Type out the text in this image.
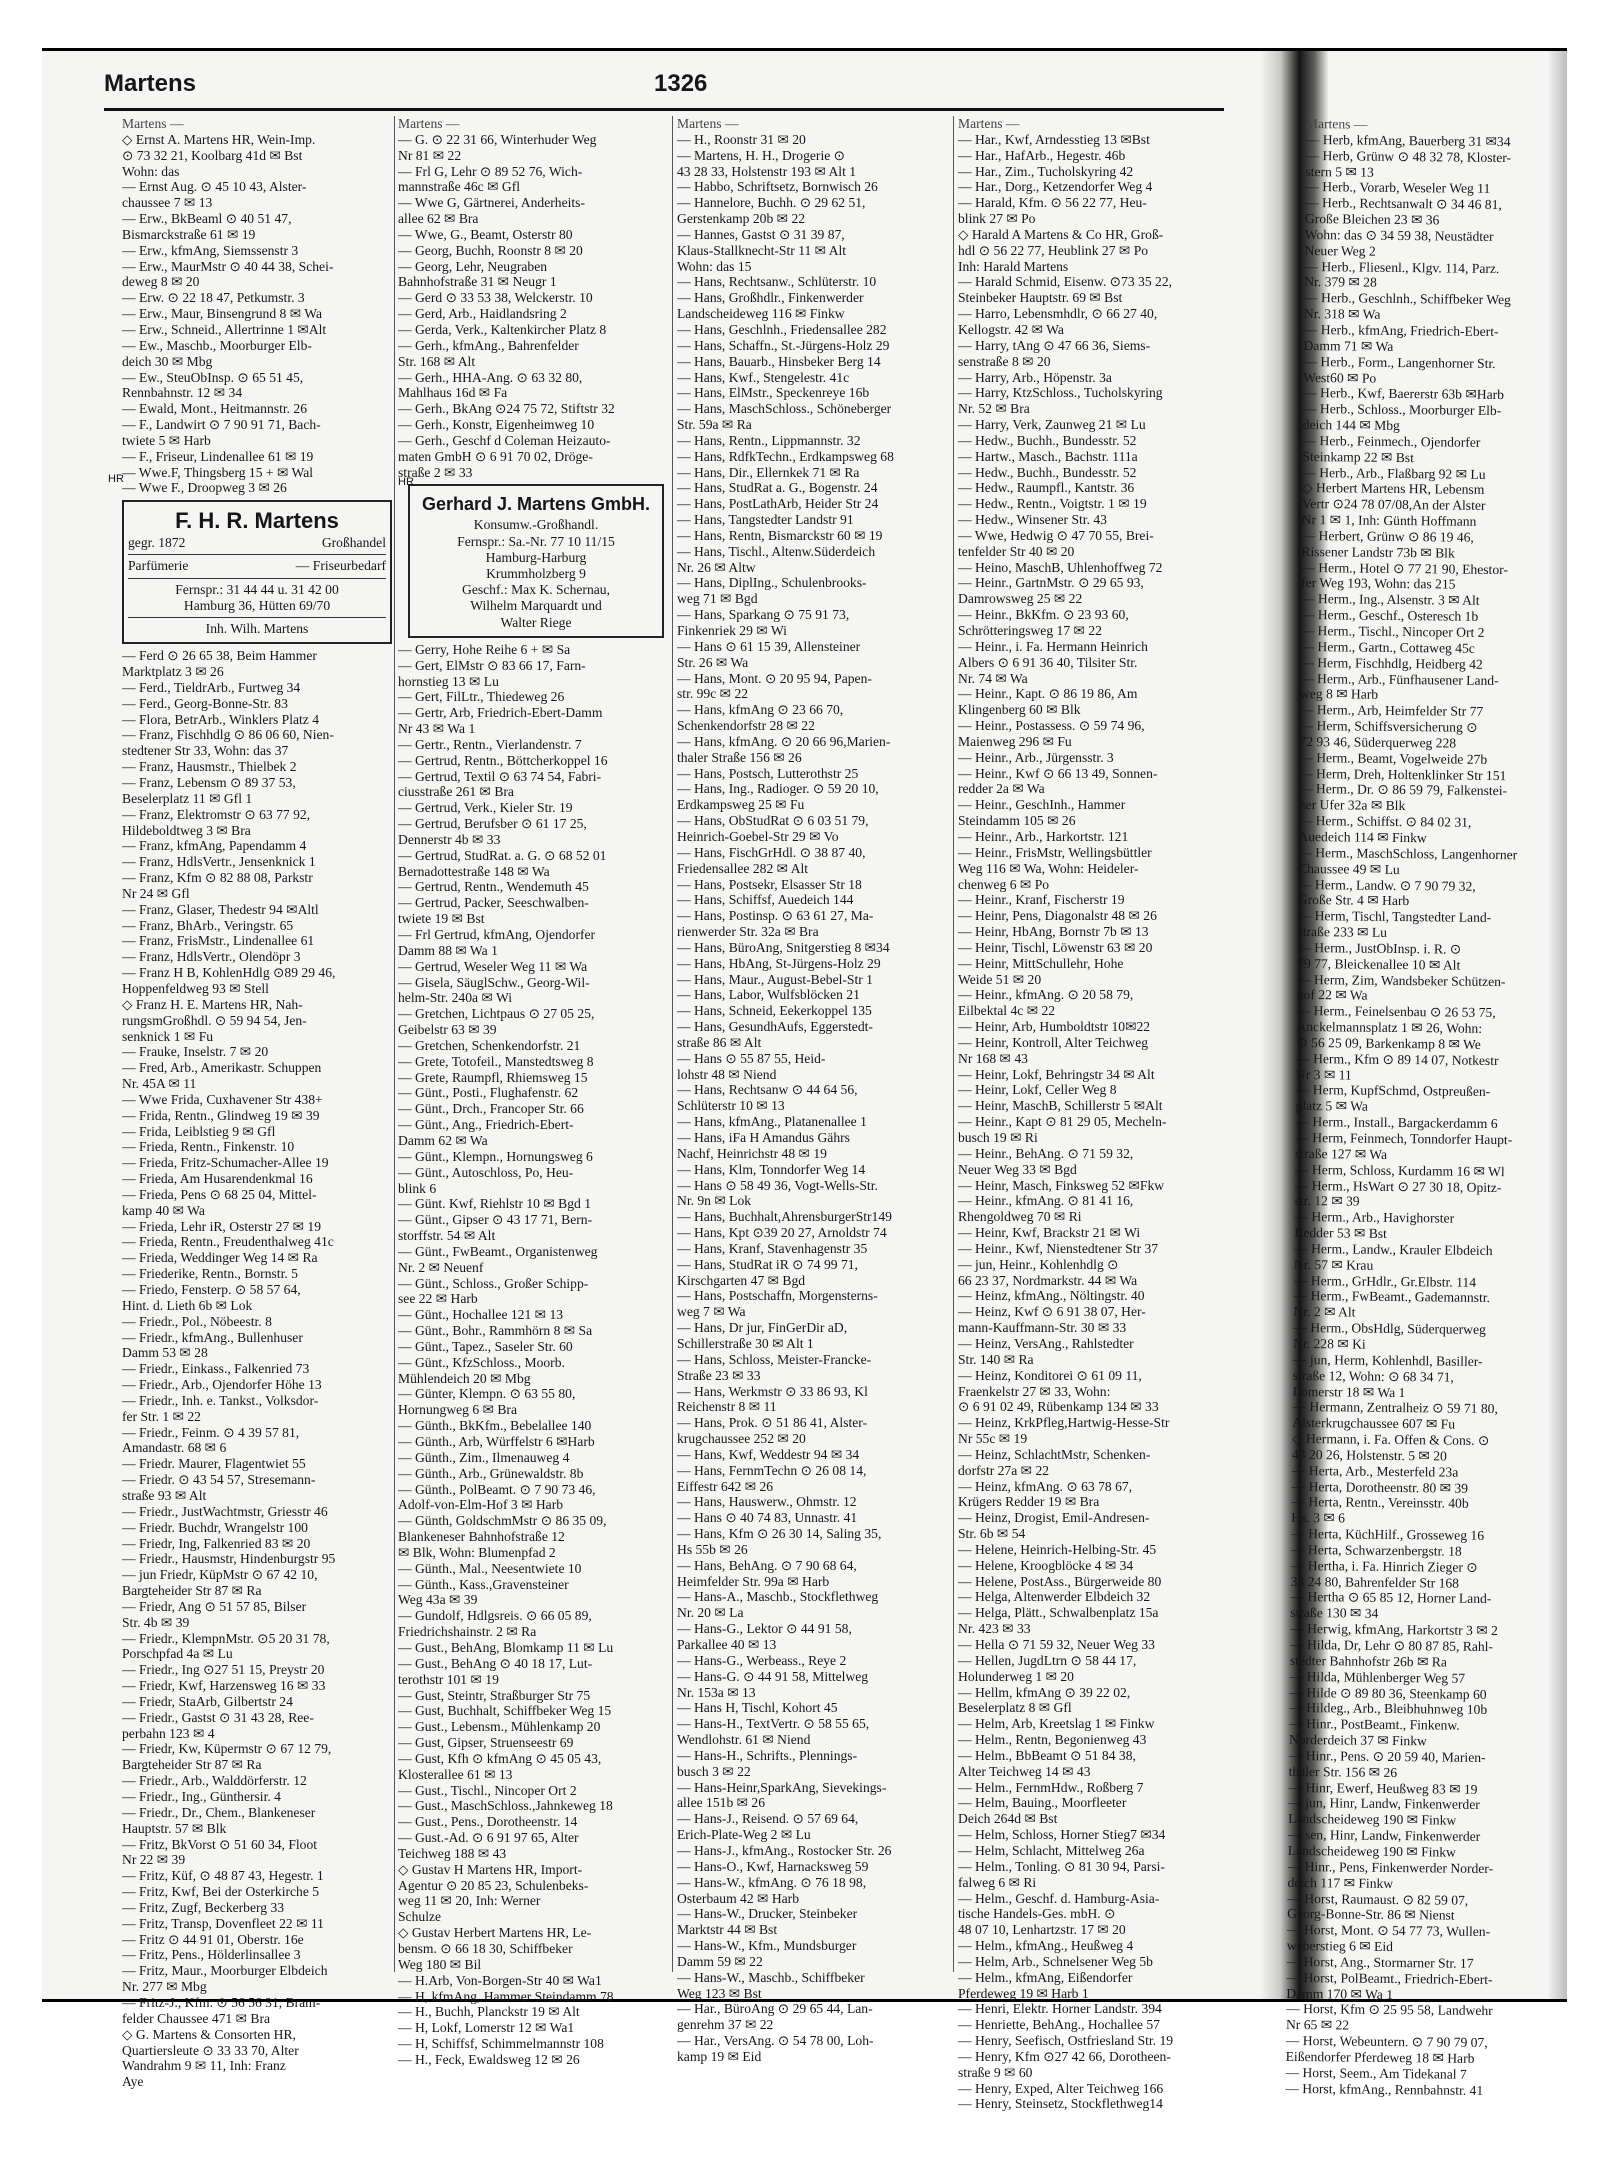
Martens	1326
Martens —
◇ Ernst A. Martens HR, Wein-Imp.
⊙ 73 32 21, Koolbarg 41d ✉ Bst
Wohn: das
— Ernst Aug. ⊙ 45 10 43, Alster-
chaussee 7 ✉ 13
— Erw., BkBeaml ⊙ 40 51 47,
Bismarckstraße 61 ✉ 19
— Erw., kfmAng, Siemssenstr 3
— Erw., MaurMstr ⊙ 40 44 38, Schei-
deweg 8 ✉ 20
— Erw. ⊙ 22 18 47, Petkumstr. 3
— Erw., Maur, Binsengrund 8 ✉ Wa
— Erw., Schneid., Allertrinne 1 ✉Alt
— Ew., Maschb., Moorburger Elb-
deich 30 ✉ Mbg
— Ew., SteuObInsp. ⊙ 65 51 45,
Rennbahnstr. 12 ✉ 34
— Ewald, Mont., Heitmannstr. 26
— F., Landwirt ⊙ 7 90 91 71, Bach-
twiete 5 ✉ Harb
— F., Friseur, Lindenallee 61 ✉ 19
— Wwe.F, Thingsberg 15 + ✉ Wal
— Wwe F., Droopweg 3 ✉ 26
F. H. R. Martens
gegr. 1872	Großhandel
Parfümerie	— Friseurbedarf
Fernspr.: 31 44 44 u. 31 42 00
Hamburg 36, Hütten 69/70
Inh. Wilh. Martens
— Ferd ⊙ 26 65 38, Beim Hammer
Marktplatz 3 ✉ 26
— Ferd., TieldrArb., Furtweg 34
— Ferd., Georg-Bonne-Str. 83
— Flora, BetrArb., Winklers Platz 4
— Franz, Fischhdlg ⊙ 86 06 60, Nien-
stedtener Str 33, Wohn: das 37
— Franz, Hausmstr., Thielbek 2
— Franz, Lebensm ⊙ 89 37 53,
Beselerplatz 11 ✉ Gfl 1
— Franz, Elektromstr ⊙ 63 77 92,
Hildeboldtweg 3 ✉ Bra
— Franz, kfmAng, Papendamm 4
— Franz, HdlsVertr., Jensenknick 1
— Franz, Kfm ⊙ 82 88 08, Parkstr
Nr 24 ✉ Gfl
— Franz, Glaser, Thedestr 94 ✉Altl
— Franz, BhArb., Veringstr. 65
— Franz, FrisMstr., Lindenallee 61
— Franz, HdlsVertr., Olendöpr 3
— Franz H B, KohlenHdlg ⊙89 29 46,
Hoppenfeldweg 93 ✉ Stell
◇ Franz H. E. Martens HR, Nah-
rungsmGroßhdl. ⊙ 59 94 54, Jen-
senknick 1 ✉ Fu
— Frauke, Inselstr. 7 ✉ 20
— Fred, Arb., Amerikastr. Schuppen
Nr. 45A ✉ 11
— Wwe Frida, Cuxhavener Str 438+
— Frida, Rentn., Glindweg 19 ✉ 39
— Frida, Leiblstieg 9 ✉ Gfl
— Frieda, Rentn., Finkenstr. 10
— Frieda, Fritz-Schumacher-Allee 19
— Frieda, Am Husarendenkmal 16
— Frieda, Pens ⊙ 68 25 04, Mittel-
kamp 40 ✉ Wa
— Frieda, Lehr iR, Osterstr 27 ✉ 19
— Frieda, Rentn., Freudenthalweg 41c
— Frieda, Weddinger Weg 14 ✉ Ra
— Friederike, Rentn., Bornstr. 5
— Friedo, Fensterp. ⊙ 58 57 64,
Hint. d. Lieth 6b ✉ Lok
— Friedr., Pol., Nöbeestr. 8
— Friedr., kfmAng., Bullenhuser
Damm 53 ✉ 28
— Friedr., Einkass., Falkenried 73
— Friedr., Arb., Ojendorfer Höhe 13
— Friedr., Inh. e. Tankst., Volksdor-
fer Str. 1 ✉ 22
— Friedr., Feinm. ⊙ 4 39 57 81,
Amandastr. 68 ✉ 6
— Friedr. Maurer, Flagentwiet 55
— Friedr. ⊙ 43 54 57, Stresemann-
straße 93 ✉ Alt
— Friedr., JustWachtmstr, Griesstr 46
— Friedr. Buchdr, Wrangelstr 100
— Friedr, Ing, Falkenried 83 ✉ 20
— Friedr., Hausmstr, Hindenburgstr 95
— jun Friedr, KüpMstr ⊙ 67 42 10,
Bargteheider Str 87 ✉ Ra
— Friedr, Ang ⊙ 51 57 85, Bilser
Str. 4b ✉ 39
— Friedr., KlempnMstr. ⊙5 20 31 78,
Porschpfad 4a ✉ Lu
— Friedr., Ing ⊙27 51 15, Preystr 20
— Friedr, Kwf, Harzensweg 16 ✉ 33
— Friedr, StaArb, Gilbertstr 24
— Friedr., Gastst ⊙ 31 43 28, Ree-
perbahn 123 ✉ 4
— Friedr, Kw, Küpermstr ⊙ 67 12 79,
Bargteheider Str 87 ✉ Ra
— Friedr., Arb., Walddörferstr. 12
— Friedr., Ing., Günthersir. 4
— Friedr., Dr., Chem., Blankeneser
Hauptstr. 57 ✉ Blk
— Fritz, BkVorst ⊙ 51 60 34, Floot
Nr 22 ✉ 39
— Fritz, Küf, ⊙ 48 87 43, Hegestr. 1
— Fritz, Kwf, Bei der Osterkirche 5
— Fritz, Zugf, Beckerberg 33
— Fritz, Transp, Dovenfleet 22 ✉ 11
— Fritz ⊙ 44 91 01, Oberstr. 16e
— Fritz, Pens., Hölderlinsallee 3
— Fritz, Maur., Moorburger Elbdeich
Nr. 277 ✉ Mbg
— Fritz-J., Kfm. ⊙ 56 56 31, Bram-
felder Chaussee 471 ✉ Bra
◇ G. Martens & Consorten HR,
Quartiersleute ⊙ 33 33 70, Alter
Wandrahm 9 ✉ 11, Inh: Franz
Aye
HR
Martens —
— G. ⊙ 22 31 66, Winterhuder Weg
Nr 81 ✉ 22
— Frl G, Lehr ⊙ 89 52 76, Wich-
mannstraße 46c ✉ Gfl
— Wwe G, Gärtnerei, Anderheits-
allee 62 ✉ Bra
— Wwe, G., Beamt, Osterstr 80
— Georg, Buchh, Roonstr 8 ✉ 20
— Georg, Lehr, Neugraben
Bahnhofstraße 31 ✉ Neugr 1
— Gerd ⊙ 33 53 38, Welckerstr. 10
— Gerd, Arb., Haidlandsring 2
— Gerda, Verk., Kaltenkircher Platz 8
— Gerh., kfmAng., Bahrenfelder
Str. 168 ✉ Alt
— Gerh., HHA-Ang. ⊙ 63 32 80,
Mahlhaus 16d ✉ Fa
— Gerh., BkAng ⊙24 75 72, Stiftstr 32
— Gerh., Konstr, Eigenheimweg 10
— Gerh., Geschf d Coleman Heizauto-
maten GmbH ⊙ 6 91 70 02, Dröge-
straße 2 ✉ 33
Gerhard J. Martens GmbH.
Konsumw.-Großhandl.
Fernspr.: Sa.-Nr. 77 10 11/15
Hamburg-Harburg
Krummholzberg 9
Geschf.: Max K. Schernau,
Wilhelm Marquardt und
Walter Riege
— Gerry, Hohe Reihe 6 + ✉ Sa
— Gert, ElMstr ⊙ 83 66 17, Farn-
hornstieg 13 ✉ Lu
— Gert, FilLtr., Thiedeweg 26
— Gertr, Arb, Friedrich-Ebert-Damm
Nr 43 ✉ Wa 1
— Gertr., Rentn., Vierlandenstr. 7
— Gertrud, Rentn., Böttcherkoppel 16
— Gertrud, Textil ⊙ 63 74 54, Fabri-
ciusstraße 261 ✉ Bra
— Gertrud, Verk., Kieler Str. 19
— Gertrud, Berufsber ⊙ 61 17 25,
Dennerstr 4b ✉ 33
— Gertrud, StudRat. a. G. ⊙ 68 52 01
Bernadottestraße 148 ✉ Wa
— Gertrud, Rentn., Wendemuth 45
— Gertrud, Packer, Seeschwalben-
twiete 19 ✉ Bst
— Frl Gertrud, kfmAng, Ojendorfer
Damm 88 ✉ Wa 1
— Gertrud, Weseler Weg 11 ✉ Wa
— Gisela, SäuglSchw., Georg-Wil-
helm-Str. 240a ✉ Wi
— Gretchen, Lichtpaus ⊙ 27 05 25,
Geibelstr 63 ✉ 39
— Gretchen, Schenkendorfstr. 21
— Grete, Totofeil., Manstedtsweg 8
— Grete, Raumpfl, Rhiemsweg 15
— Günt., Posti., Flughafenstr. 62
— Günt., Drch., Francoper Str. 66
— Günt., Ang., Friedrich-Ebert-
Damm 62 ✉ Wa
— Günt., Klempn., Hornungsweg 6
— Günt., Autoschloss, Po, Heu-
blink 6
— Günt. Kwf, Riehlstr 10 ✉ Bgd 1
— Günt., Gipser ⊙ 43 17 71, Bern-
storffstr. 54 ✉ Alt
— Günt., FwBeamt., Organistenweg
Nr. 2 ✉ Neuenf
— Günt., Schloss., Großer Schipp-
see 22 ✉ Harb
— Günt., Hochallee 121 ✉ 13
— Günt., Bohr., Rammhörn 8 ✉ Sa
— Günt., Tapez., Saseler Str. 60
— Günt., KfzSchloss., Moorb.
Mühlendeich 20 ✉ Mbg
— Günter, Klempn. ⊙ 63 55 80,
Hornungweg 6 ✉ Bra
— Günth., BkKfm., Bebelallee 140
— Günth., Arb, Würffelstr 6 ✉Harb
— Günth., Zim., Ilmenauweg 4
— Günth., Arb., Grünewaldstr. 8b
— Günth., PolBeamt. ⊙ 7 90 73 46,
Adolf-von-Elm-Hof 3 ✉ Harb
— Günth, GoldschmMstr ⊙ 86 35 09,
Blankeneser Bahnhofstraße 12
✉ Blk, Wohn: Blumenpfad 2
— Günth., Mal., Neesentwiete 10
— Günth., Kass.,Gravensteiner
Weg 43a ✉ 39
— Gundolf, Hdlgsreis. ⊙ 66 05 89,
Friedrichshainstr. 2 ✉ Ra
— Gust., BehAng, Blomkamp 11 ✉ Lu
— Gust., BehAng ⊙ 40 18 17, Lut-
terothstr 101 ✉ 19
— Gust, Steintr, Straßburger Str 75
— Gust, Buchhalt, Schiffbeker Weg 15
— Gust., Lebensm., Mühlenkamp 20
— Gust, Gipser, Struenseestr 69
— Gust, Kfh ⊙ kfmAng ⊙ 45 05 43,
Klosterallee 61 ✉ 13
— Gust., Tischl., Nincoper Ort 2
— Gust., MaschSchloss.,Jahnkeweg 18
— Gust., Pens., Dorotheenstr. 14
— Gust.-Ad. ⊙ 6 91 97 65, Alter
Teichweg 188 ✉ 43
◇ Gustav H Martens HR, Import-
Agentur ⊙ 20 85 23, Schulenbeks-
weg 11 ✉ 20, Inh: Werner
Schulze
◇ Gustav Herbert Martens HR, Le-
bensm. ⊙ 66 18 30, Schiffbeker
Weg 180 ✉ Bil
— H.Arb, Von-Borgen-Str 40 ✉ Wa1
— H, kfmAng, Hammer Steindamm 78
— H., Buchh, Planckstr 19 ✉ Alt
— H, Lokf, Lomerstr 12 ✉ Wa1
— H, Schiffsf, Schimmelmannstr 108
— H., Feck, Ewaldsweg 12 ✉ 26
HR
Martens —
— H., Roonstr 31 ✉ 20
— Martens, H. H., Drogerie ⊙
43 28 33, Holstenstr 193 ✉ Alt 1
— Habbo, Schriftsetz, Bornwisch 26
— Hannelore, Buchh. ⊙ 29 62 51,
Gerstenkamp 20b ✉ 22
— Hannes, Gastst ⊙ 31 39 87,
Klaus-Stallknecht-Str 11 ✉ Alt
Wohn: das 15
— Hans, Rechtsanw., Schlüterstr. 10
— Hans, Großhdlr., Finkenwerder
Landscheideweg 116 ✉ Finkw
— Hans, Geschlnh., Friedensallee 282
— Hans, Schaffn., St.-Jürgens-Holz 29
— Hans, Bauarb., Hinsbeker Berg 14
— Hans, Kwf., Stengelestr. 41c
— Hans, ElMstr., Speckenreye 16b
— Hans, MaschSchloss., Schöneberger
Str. 59a ✉ Ra
— Hans, Rentn., Lippmannstr. 32
— Hans, RdfkTechn., Erdkampsweg 68
— Hans, Dir., Ellernkek 71 ✉ Ra
— Hans, StudRat a. G., Bogenstr. 24
— Hans, PostLathArb, Heider Str 24
— Hans, Tangstedter Landstr 91
— Hans, Rentn, Bismarckstr 60 ✉ 19
— Hans, Tischl., Altenw.Süderdeich
Nr. 26 ✉ Altw
— Hans, DiplIng., Schulenbrooks-
weg 71 ✉ Bgd
— Hans, Sparkang ⊙ 75 91 73,
Finkenriek 29 ✉ Wi
— Hans ⊙ 61 15 39, Allensteiner
Str. 26 ✉ Wa
— Hans, Mont. ⊙ 20 95 94, Papen-
str. 99c ✉ 22
— Hans, kfmAng ⊙ 23 66 70,
Schenkendorfstr 28 ✉ 22
— Hans, kfmAng. ⊙ 20 66 96,Marien-
thaler Straße 156 ✉ 26
— Hans, Postsch, Lutterothstr 25
— Hans, Ing., Radioger. ⊙ 59 20 10,
Erdkampsweg 25 ✉ Fu
— Hans, ObStudRat ⊙ 6 03 51 79,
Heinrich-Goebel-Str 29 ✉ Vo
— Hans, FischGrHdl. ⊙ 38 87 40,
Friedensallee 282 ✉ Alt
— Hans, Postsekr, Elsasser Str 18
— Hans, Schiffsf, Auedeich 144
— Hans, Postinsp. ⊙ 63 61 27, Ma-
rienwerder Str. 32a ✉ Bra
— Hans, BüroAng, Snitgerstieg 8 ✉34
— Hans, HbAng, St-Jürgens-Holz 29
— Hans, Maur., August-Bebel-Str 1
— Hans, Labor, Wulfsblöcken 21
— Hans, Schneid, Eekerkoppel 135
— Hans, GesundhAufs, Eggerstedt-
straße 86 ✉ Alt
— Hans ⊙ 55 87 55, Heid-
lohstr 48 ✉ Niend
— Hans, Rechtsanw ⊙ 44 64 56,
Schlüterstr 10 ✉ 13
— Hans, kfmAng., Platanenallee 1
— Hans, iFa H Amandus Gährs
Nachf, Heinrichstr 48 ✉ 19
— Hans, Klm, Tonndorfer Weg 14
— Hans ⊙ 58 49 36, Vogt-Wells-Str.
Nr. 9n ✉ Lok
— Hans, Buchhalt,AhrensburgerStr149
— Hans, Kpt ⊙39 20 27, Arnoldstr 74
— Hans, Kranf, Stavenhagenstr 35
— Hans, StudRat iR ⊙ 74 99 71,
Kirschgarten 47 ✉ Bgd
— Hans, Postschaffn, Morgensterns-
weg 7 ✉ Wa
— Hans, Dr jur, FinGerDir aD,
Schillerstraße 30 ✉ Alt 1
— Hans, Schloss, Meister-Francke-
Straße 23 ✉ 33
— Hans, Werkmstr ⊙ 33 86 93, Kl
Reichenstr 8 ✉ 11
— Hans, Prok. ⊙ 51 86 41, Alster-
krugchaussee 252 ✉ 20
— Hans, Kwf, Weddestr 94 ✉ 34
— Hans, FernmTechn ⊙ 26 08 14,
Eiffestr 642 ✉ 26
— Hans, Hauswerw., Ohmstr. 12
— Hans ⊙ 40 74 83, Unnastr. 41
— Hans, Kfm ⊙ 26 30 14, Saling 35,
Hs 55b ✉ 26
— Hans, BehAng. ⊙ 7 90 68 64,
Heimfelder Str. 99a ✉ Harb
— Hans-A., Maschb., Stockflethweg
Nr. 20 ✉ La
— Hans-G., Lektor ⊙ 44 91 58,
Parkallee 40 ✉ 13
— Hans-G., Werbeass., Reye 2
— Hans-G. ⊙ 44 91 58, Mittelweg
Nr. 153a ✉ 13
— Hans H, Tischl, Kohort 45
— Hans-H., TextVertr. ⊙ 58 55 65,
Wendlohstr. 61 ✉ Niend
— Hans-H., Schrifts., Plennings-
busch 3 ✉ 22
— Hans-Heinr,SparkAng, Sievekings-
allee 151b ✉ 26
— Hans-J., Reisend. ⊙ 57 69 64,
Erich-Plate-Weg 2 ✉ Lu
— Hans-J., kfmAng., Rostocker Str. 26
— Hans-O., Kwf, Harnacksweg 59
— Hans-W., kfmAng. ⊙ 76 18 98,
Osterbaum 42 ✉ Harb
— Hans-W., Drucker, Steinbeker
Marktstr 44 ✉ Bst
— Hans-W., Kfm., Mundsburger
Damm 59 ✉ 22
— Hans-W., Maschb., Schiffbeker
Weg 123 ✉ Bst
— Har., BüroAng ⊙ 29 65 44, Lan-
genrehm 37 ✉ 22
— Har., VersAng. ⊙ 54 78 00, Loh-
kamp 19 ✉ Eid
Martens —
— Har., Kwf, Arndesstieg 13 ✉Bst
— Har., HafArb., Hegestr. 46b
— Har., Zim., Tucholskyring 42
— Har., Dorg., Ketzendorfer Weg 4
— Harald, Kfm. ⊙ 56 22 77, Heu-
blink 27 ✉ Po
◇ Harald A Martens & Co HR, Groß-
hdl ⊙ 56 22 77, Heublink 27 ✉ Po
Inh: Harald Martens
— Harald Schmid, Eisenw. ⊙73 35 22,
Steinbeker Hauptstr. 69 ✉ Bst
— Harro, Lebensmhdlr, ⊙ 66 27 40,
Kellogstr. 42 ✉ Wa
— Harry, tAng ⊙ 47 66 36, Siems-
senstraße 8 ✉ 20
— Harry, Arb., Höpenstr. 3a
— Harry, KtzSchloss., Tucholskyring
Nr. 52 ✉ Bra
— Harry, Verk, Zaunweg 21 ✉ Lu
— Hedw., Buchh., Bundesstr. 52
— Hartw., Masch., Bachstr. 111a
— Hedw., Buchh., Bundesstr. 52
— Hedw., Raumpfl., Kantstr. 36
— Hedw., Rentn., Voigtstr. 1 ✉ 19
— Hedw., Winsener Str. 43
— Wwe, Hedwig ⊙ 47 70 55, Brei-
tenfelder Str 40 ✉ 20
— Heino, MaschB, Uhlenhoffweg 72
— Heinr., GartnMstr. ⊙ 29 65 93,
Damrowsweg 25 ✉ 22
— Heinr., BkKfm. ⊙ 23 93 60,
Schrötteringsweg 17 ✉ 22
— Heinr., i. Fa. Hermann Heinrich
Albers ⊙ 6 91 36 40, Tilsiter Str.
Nr. 74 ✉ Wa
— Heinr., Kapt. ⊙ 86 19 86, Am
Klingenberg 60 ✉ Blk
— Heinr., Postassess. ⊙ 59 74 96,
Maienweg 296 ✉ Fu
— Heinr., Arb., Jürgensstr. 3
— Heinr., Kwf ⊙ 66 13 49, Sonnen-
redder 2a ✉ Wa
— Heinr., GeschInh., Hammer
Steindamm 105 ✉ 26
— Heinr., Arb., Harkortstr. 121
— Heinr., FrisMstr, Wellingsbüttler
Weg 116 ✉ Wa, Wohn: Heideler-
chenweg 6 ✉ Po
— Heinr., Kranf, Fischerstr 19
— Heinr, Pens, Diagonalstr 48 ✉ 26
— Heinr, HbAng, Bornstr 7b ✉ 13
— Heinr, Tischl, Löwenstr 63 ✉ 20
— Heinr, MittSchullehr, Hohe
Weide 51 ✉ 20
— Heinr., kfmAng. ⊙ 20 58 79,
Eilbektal 4c ✉ 22
— Heinr, Arb, Humboldtstr 10✉22
— Heinr, Kontroll, Alter Teichweg
Nr 168 ✉ 43
— Heinr, Lokf, Behringstr 34 ✉ Alt
— Heinr, Lokf, Celler Weg 8
— Heinr, MaschB, Schillerstr 5 ✉Alt
— Heinr., Kapt ⊙ 81 29 05, Mecheln-
busch 19 ✉ Ri
— Heinr., BehAng. ⊙ 71 59 32,
Neuer Weg 33 ✉ Bgd
— Heinr, Masch, Finksweg 52 ✉Fkw
— Heinr., kfmAng. ⊙ 81 41 16,
Rhengoldweg 70 ✉ Ri
— Heinr, Kwf, Brackstr 21 ✉ Wi
— Heinr., Kwf, Nienstedtener Str 37
— jun, Heinr., Kohlenhdlg ⊙
66 23 37, Nordmarkstr. 44 ✉ Wa
— Heinz, kfmAng., Nöltingstr. 40
— Heinz, Kwf ⊙ 6 91 38 07, Her-
mann-Kauffmann-Str. 30 ✉ 33
— Heinz, VersAng., Rahlstedter
Str. 140 ✉ Ra
— Heinz, Konditorei ⊙ 61 09 11,
Fraenkelstr 27 ✉ 33, Wohn:
⊙ 6 91 02 49, Rübenkamp 134 ✉ 33
— Heinz, KrkPfleg,Hartwig-Hesse-Str
Nr 55c ✉ 19
— Heinz, SchlachtMstr, Schenken-
dorfstr 27a ✉ 22
— Heinz, kfmAng. ⊙ 63 78 67,
Krügers Redder 19 ✉ Bra
— Heinz, Drogist, Emil-Andresen-
Str. 6b ✉ 54
— Helene, Heinrich-Helbing-Str. 45
— Helene, Kroogblöcke 4 ✉ 34
— Helene, PostAss., Bürgerweide 80
— Helga, Altenwerder Elbdeich 32
— Helga, Plätt., Schwalbenplatz 15a
Nr. 423 ✉ 33
— Hella ⊙ 71 59 32, Neuer Weg 33
— Hellen, JugdLtrn ⊙ 58 44 17,
Holunderweg 1 ✉ 20
— Hellm, kfmAng ⊙ 39 22 02,
Beselerplatz 8 ✉ Gfl
— Helm, Arb, Kreetslag 1 ✉ Finkw
— Helm., Rentn, Begonienweg 43
— Helm., BbBeamt ⊙ 51 84 38,
Alter Teichweg 14 ✉ 43
— Helm., FernmHdw., Roßberg 7
— Helm, Bauing., Moorfleeter
Deich 264d ✉ Bst
— Helm, Schloss, Horner Stieg7 ✉34
— Helm, Schlacht, Mittelweg 26a
— Helm., Tonling. ⊙ 81 30 94, Parsi-
falweg 6 ✉ Ri
— Helm., Geschf. d. Hamburg-Asia-
tische Handels-Ges. mbH. ⊙
48 07 10, Lenhartzstr. 17 ✉ 20
— Helm., kfmAng., Heußweg 4
— Helm, Arb., Schnelsener Weg 5b
— Helm., kfmAng, Eißendorfer
Pferdeweg 19 ✉ Harb 1
— Henri, Elektr. Horner Landstr. 394
— Henriette, BehAng., Hochallee 57
— Henry, Seefisch, Ostfriesland Str. 19
— Henry, Kfm ⊙27 42 66, Dorotheen-
straße 9 ✉ 60
— Henry, Exped, Alter Teichweg 166
— Henry, Steinsetz, Stockflethweg14
Martens —
— Herb, kfmAng, Bauerberg 31 ✉34
— Herb, Grünw ⊙ 48 32 78, Kloster-
stern 5 ✉ 13
— Herb., Vorarb, Weseler Weg 11
— Herb., Rechtsanwalt ⊙ 34 46 81,
Große Bleichen 23 ✉ 36
Wohn: das ⊙ 34 59 38, Neustädter
Neuer Weg 2
— Herb., Fliesenl., Klgv. 114, Parz.
Nr. 379 ✉ 28
— Herb., Geschlnh., Schiffbeker Weg
Nr. 318 ✉ Wa
— Herb., kfmAng, Friedrich-Ebert-
Damm 71 ✉ Wa
— Herb., Form., Langenhorner Str.
West60 ✉ Po
— Herb., Kwf, Baererstr 63b ✉Harb
— Herb., Schloss., Moorburger Elb-
deich 144 ✉ Mbg
— Herb., Feinmech., Ojendorfer
Steinkamp 22 ✉ Bst
— Herb., Arb., Flaßbarg 92 ✉ Lu
◇ Herbert Martens HR, Lebensm
Vertr ⊙24 78 07/08,An der Alster
Nr 1 ✉ 1, Inh: Günth Hoffmann
— Herbert, Grünw ⊙ 86 19 46,
Rissener Landstr 73b ✉ Blk
— Herm., Hotel ⊙ 77 21 90, Ehestor-
fer Weg 193, Wohn: das 215
— Herm., Ing., Alsenstr. 3 ✉ Alt
— Herm., Geschf., Osteresch 1b
— Herm., Tischl., Nincoper Ort 2
— Herm., Gartn., Cottaweg 45c
— Herm, Fischhdlg, Heidberg 42
— Herm., Arb., Fünfhausener Land-
weg 8 ✉ Harb
— Herm., Arb, Heimfelder Str 77
— Herm, Schiffsversicherung ⊙
72 93 46, Süderquerweg 228
— Herm., Beamt, Vogelweide 27b
— Herm, Dreh, Holtenklinker Str 151
— Herm., Dr. ⊙ 86 59 79, Falkenstei-
ner Ufer 32a ✉ Blk
— Herm., Schiffst. ⊙ 84 02 31,
Auedeich 114 ✉ Finkw
— Herm., MaschSchloss, Langenhorner
Chaussee 49 ✉ Lu
— Herm., Landw. ⊙ 7 90 79 32,
Große Str. 4 ✉ Harb
— Herm, Tischl, Tangstedter Land-
straße 233 ✉ Lu
— Herm., JustObInsp. i. R. ⊙
79 77, Bleickenallee 10 ✉ Alt
— Herm, Zim, Wandsbeker Schützen-
hof 22 ✉ Wa
— Herm., Feinelsenbau ⊙ 26 53 75,
Anckelmannsplatz 1 ✉ 26, Wohn:
⊙ 56 25 09, Barkenkamp 8 ✉ We
— Herm., Kfm ⊙ 89 14 07, Notkestr
Nr 3 ✉ 11
— Herm, KupfSchmd, Ostpreußen-
platz 5 ✉ Wa
— Herm., Install., Bargackerdamm 6
— Herm, Feinmech, Tonndorfer Haupt-
straße 127 ✉ Wa
— Herm, Schloss, Kurdamm 16 ✉ Wl
— Herm., HsWart ⊙ 27 30 18, Opitz-
str. 12 ✉ 39
— Herm., Arb., Havighorster
Redder 53 ✉ Bst
— Herm., Landw., Krauler Elbdeich
Nr. 57 ✉ Krau
— Herm., GrHdlr., Gr.Elbstr. 114
— Herm., FwBeamt., Gademannstr.
Nr. 2 ✉ Alt
— Herm., ObsHdlg, Süderquerweg
Nr. 228 ✉ Ki
— jun, Herm, Kohlenhdl, Basiller-
straße 12, Wohn: ⊙ 68 34 71,
Lomerstr 18 ✉ Wa 1
— Hermann, Zentralheiz ⊙ 59 71 80,
Alsterkrugchaussee 607 ✉ Fu
◇ Hermann, i. Fa. Offen & Cons. ⊙
43 20 26, Holstenstr. 5 ✉ 20
— Herta, Arb., Mesterfeld 23a
— Herta, Dorotheenstr. 80 ✉ 39
— Herta, Rentn., Vereinsstr. 40b
Hs. 3 ✉ 6
— Herta, KüchHilf., Grosseweg 16
— Herta, Schwarzenbergstr. 18
— Hertha, i. Fa. Hinrich Zieger ⊙
38 24 80, Bahrenfelder Str 168
— Hertha ⊙ 65 85 12, Horner Land-
straße 130 ✉ 34
— Herwig, kfmAng, Harkortstr 3 ✉ 2
— Hilda, Dr, Lehr ⊙ 80 87 85, Rahl-
stedter Bahnhofstr 26b ✉ Ra
— Hilda, Mühlenberger Weg 57
— Hilde ⊙ 89 80 36, Steenkamp 60
— Hildeg., Arb., Bleibhuhnweg 10b
— Hinr., PostBeamt., Finkenw.
Norderdeich 37 ✉ Finkw
— Hinr., Pens. ⊙ 20 59 40, Marien-
thaler Str. 156 ✉ 26
— Hinr, Ewerf, Heußweg 83 ✉ 19
— jun, Hinr, Landw, Finkenwerder
Landscheideweg 190 ✉ Finkw
— sen, Hinr, Landw, Finkenwerder
Landscheideweg 190 ✉ Finkw
— Hinr., Pens, Finkenwerder Norder-
deich 117 ✉ Finkw
— Horst, Raumaust. ⊙ 82 59 07,
Georg-Bonne-Str. 86 ✉ Nienst
— Horst, Mont. ⊙ 54 77 73, Wullen-
weberstieg 6 ✉ Eid
— Horst, Ang., Stormarner Str. 17
— Horst, PolBeamt., Friedrich-Ebert-
Damm 170 ✉ Wa 1
— Horst, Kfm ⊙ 25 95 58, Landwehr
Nr 65 ✉ 22
— Horst, Webeuntern. ⊙ 7 90 79 07,
Eißendorfer Pferdeweg 18 ✉ Harb
— Horst, Seem., Am Tidekanal 7
— Horst, kfmAng., Rennbahnstr. 41
